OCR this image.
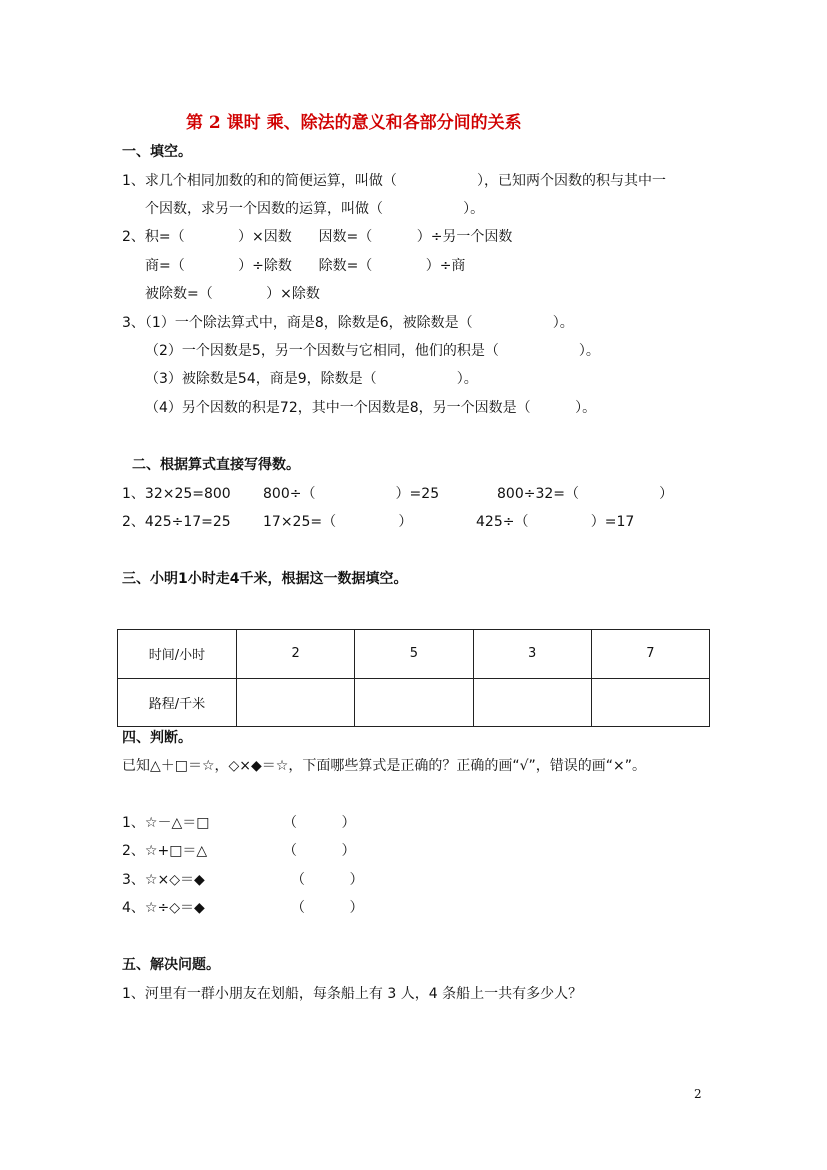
第 2 课时 乘、除法的意义和各部分间的关系
一、填空。
1、求几个相同加数的和的简便运算，叫做（                  ），已知两个因数的积与其中一
个因数，求另一个因数的运算，叫做（                  ）。
2、积=（            ）×因数      因数=（          ）÷另一个因数
商=（            ）÷除数      除数=（            ）÷商
被除数=（            ）×除数
3、（1）一个除法算式中，商是8，除数是6，被除数是（                  ）。
（2）一个因数是5，另一个因数与它相同，他们的积是（                  ）。
（3）被除数是54，商是9，除数是（                  ）。
（4）另个因数的积是72，其中一个因数是8，另一个因数是（          ）。
二、根据算式直接写得数。
1、32×25=800 800÷（                  ）=25	800÷32=（                  ）
2、425÷17=25 17×25=（              ）	425÷（              ）=17
三、小明1小时走4千米，根据这一数据填空。
时间/小时	2	5	3	7
路程/千米				
四、判断。
已知△＋□＝☆，◇×◆＝☆，下面哪些算式是正确的？正确的画“√”，错误的画“×”。
1、☆－△＝□	（          ）
2、☆+□＝△	（          ）
3、☆×◇＝◆	（          ）
4、☆÷◇＝◆	（          ）
五、解决问题。
1、河里有一群小朋友在划船，每条船上有 3 人，4 条船上一共有多少人？
2
